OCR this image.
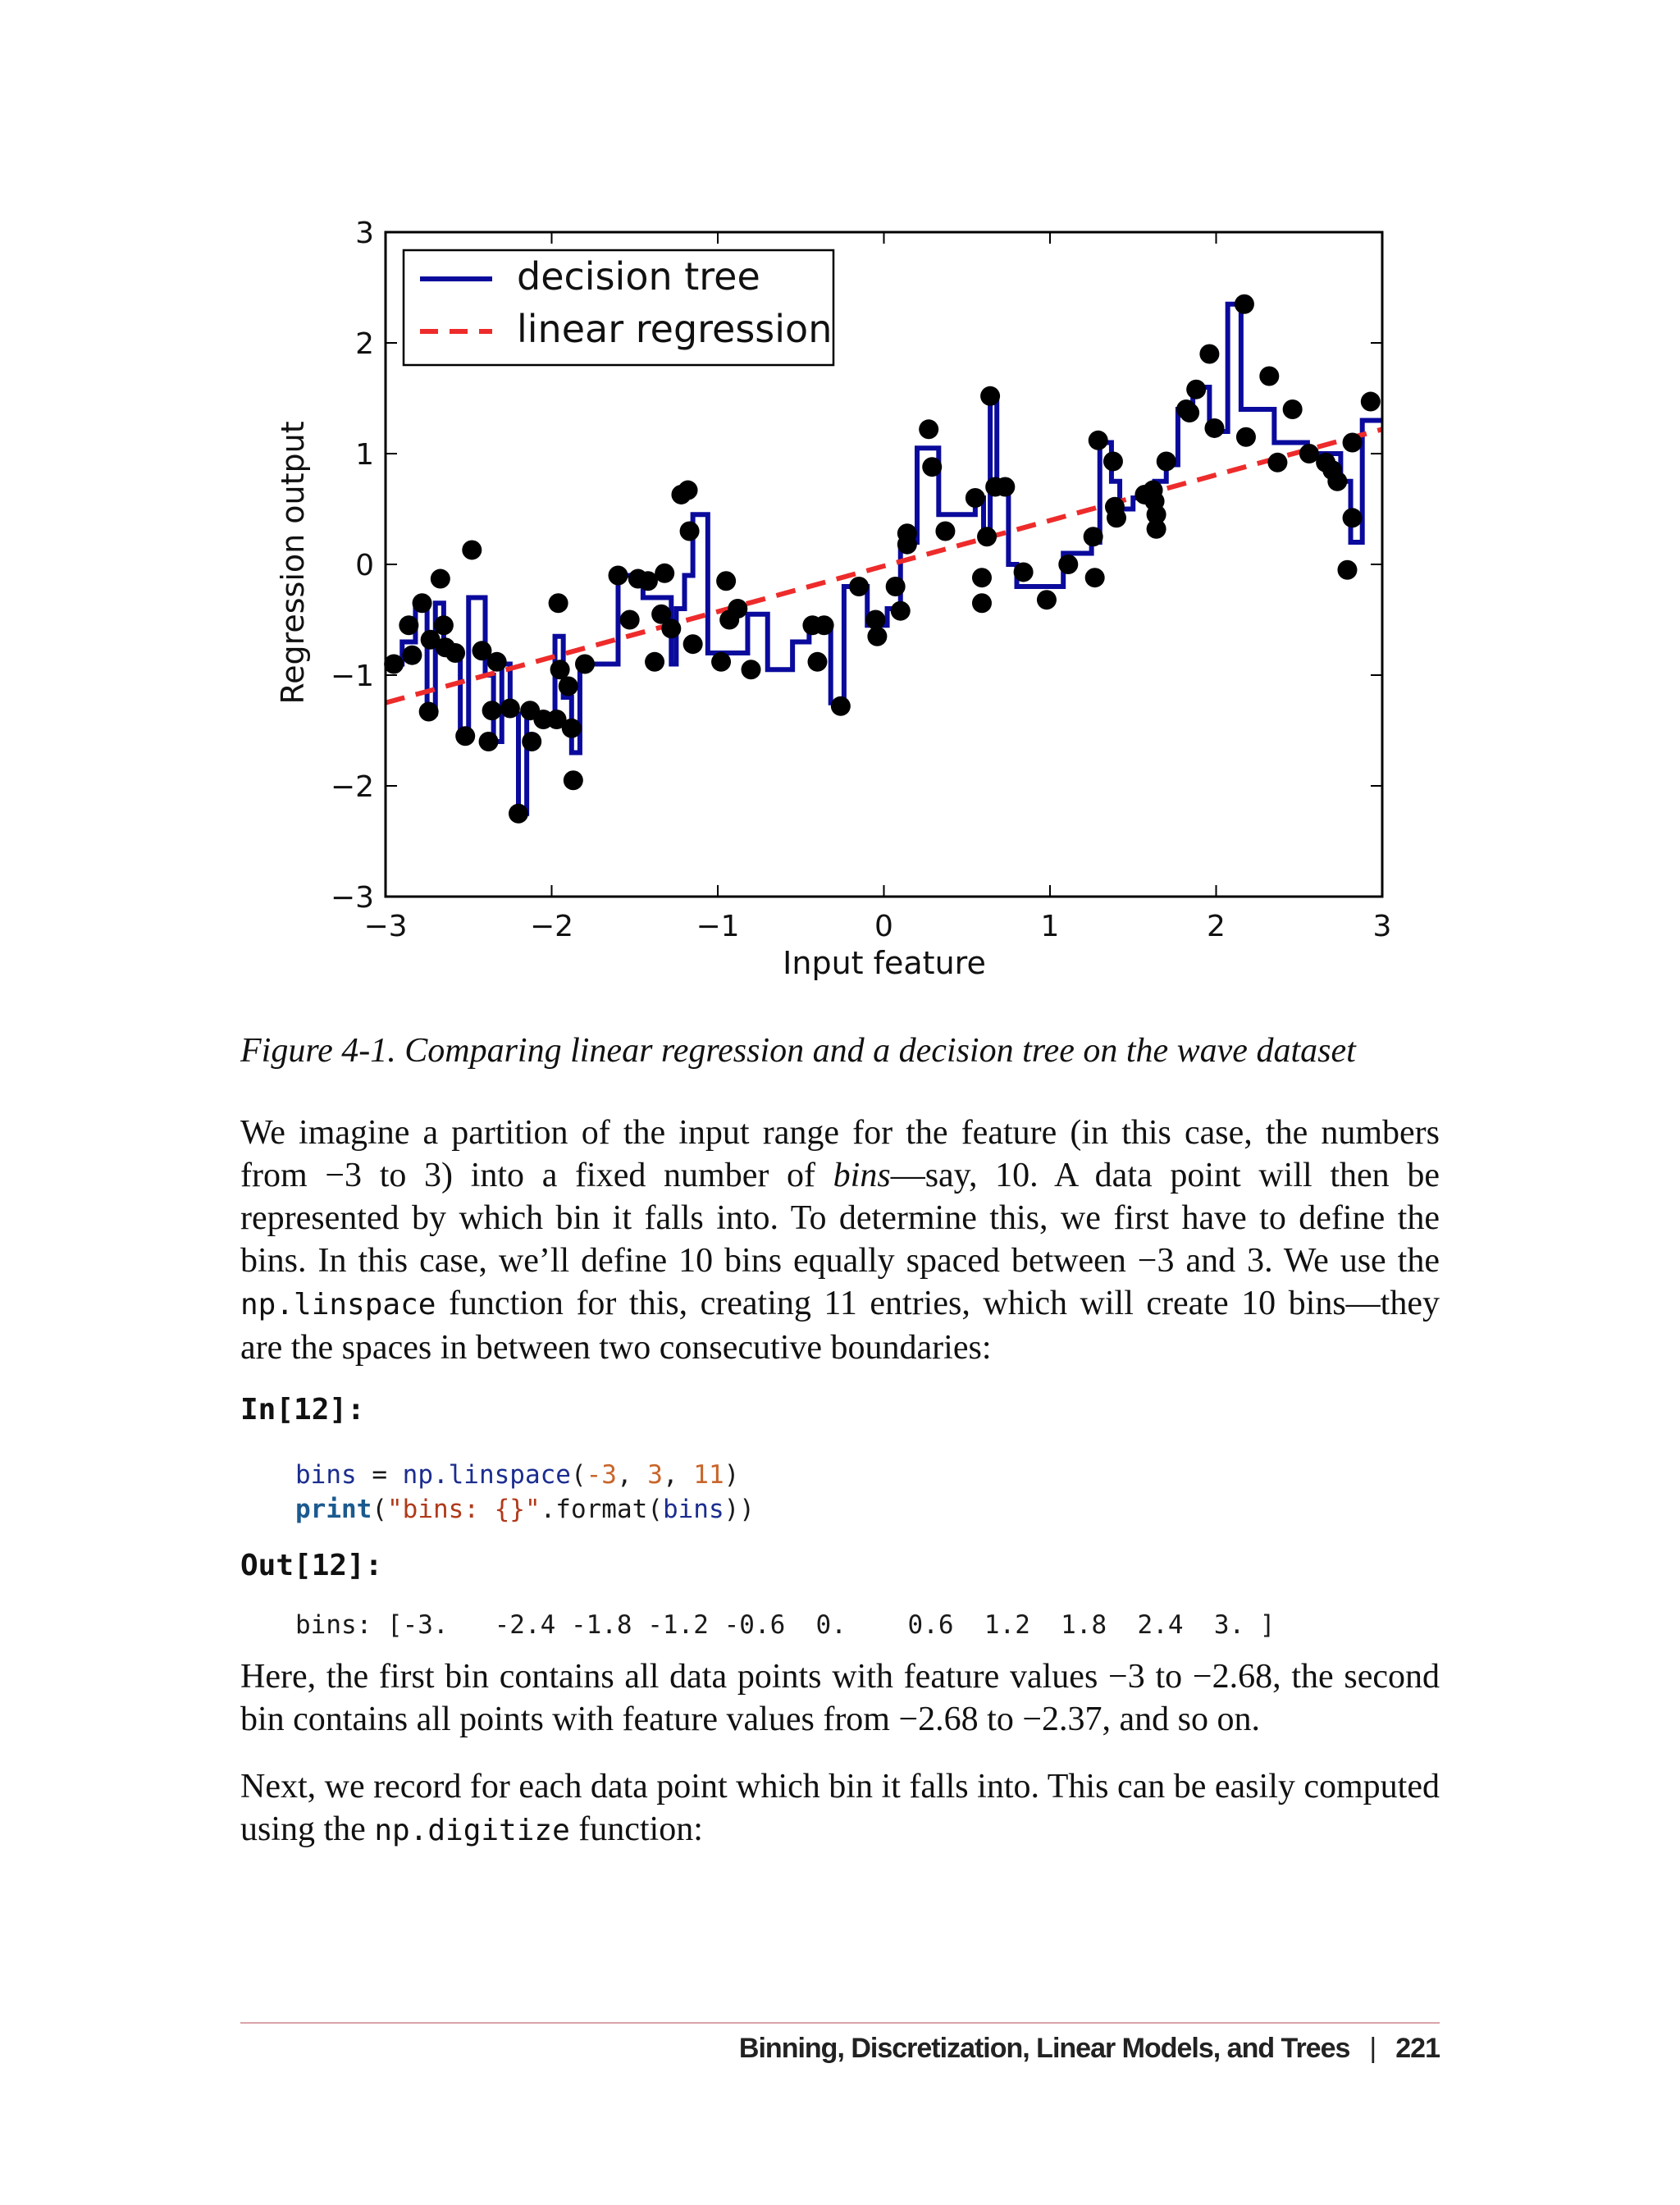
−3	−2	−1	0	1	2	3
−3
−2
−1
0
1
2
3
Input feature
Regression output
decision tree
linear regression
Figure 4-1. Comparing linear regression and a decision tree on the wave dataset

We imagine a partition of the input range for the feature (in this case, the numbers from −3 to 3) into a fixed number of bins—say, 10. A data point will then be represented by which bin it falls into. To determine this, we first have to define the bins. In this case, we’ll define 10 bins equally spaced between −3 and 3. We use the np.linspace function for this, creating 11 entries, which will create 10 bins—they are the spaces in between two consecutive boundaries:

In[12]:
bins = np.linspace(-3, 3, 11)
print("bins: {}".format(bins))
Out[12]:
bins: [-3.   -2.4 -1.8 -1.2 -0.6  0.    0.6  1.2  1.8  2.4  3. ]

Here, the first bin contains all data points with feature values −3 to −2.68, the second bin contains all points with feature values from −2.68 to −2.37, and so on.

Next, we record for each data point which bin it falls into. This can be easily computed using the np.digitize function:

Binning, Discretization, Linear Models, and Trees | 221
